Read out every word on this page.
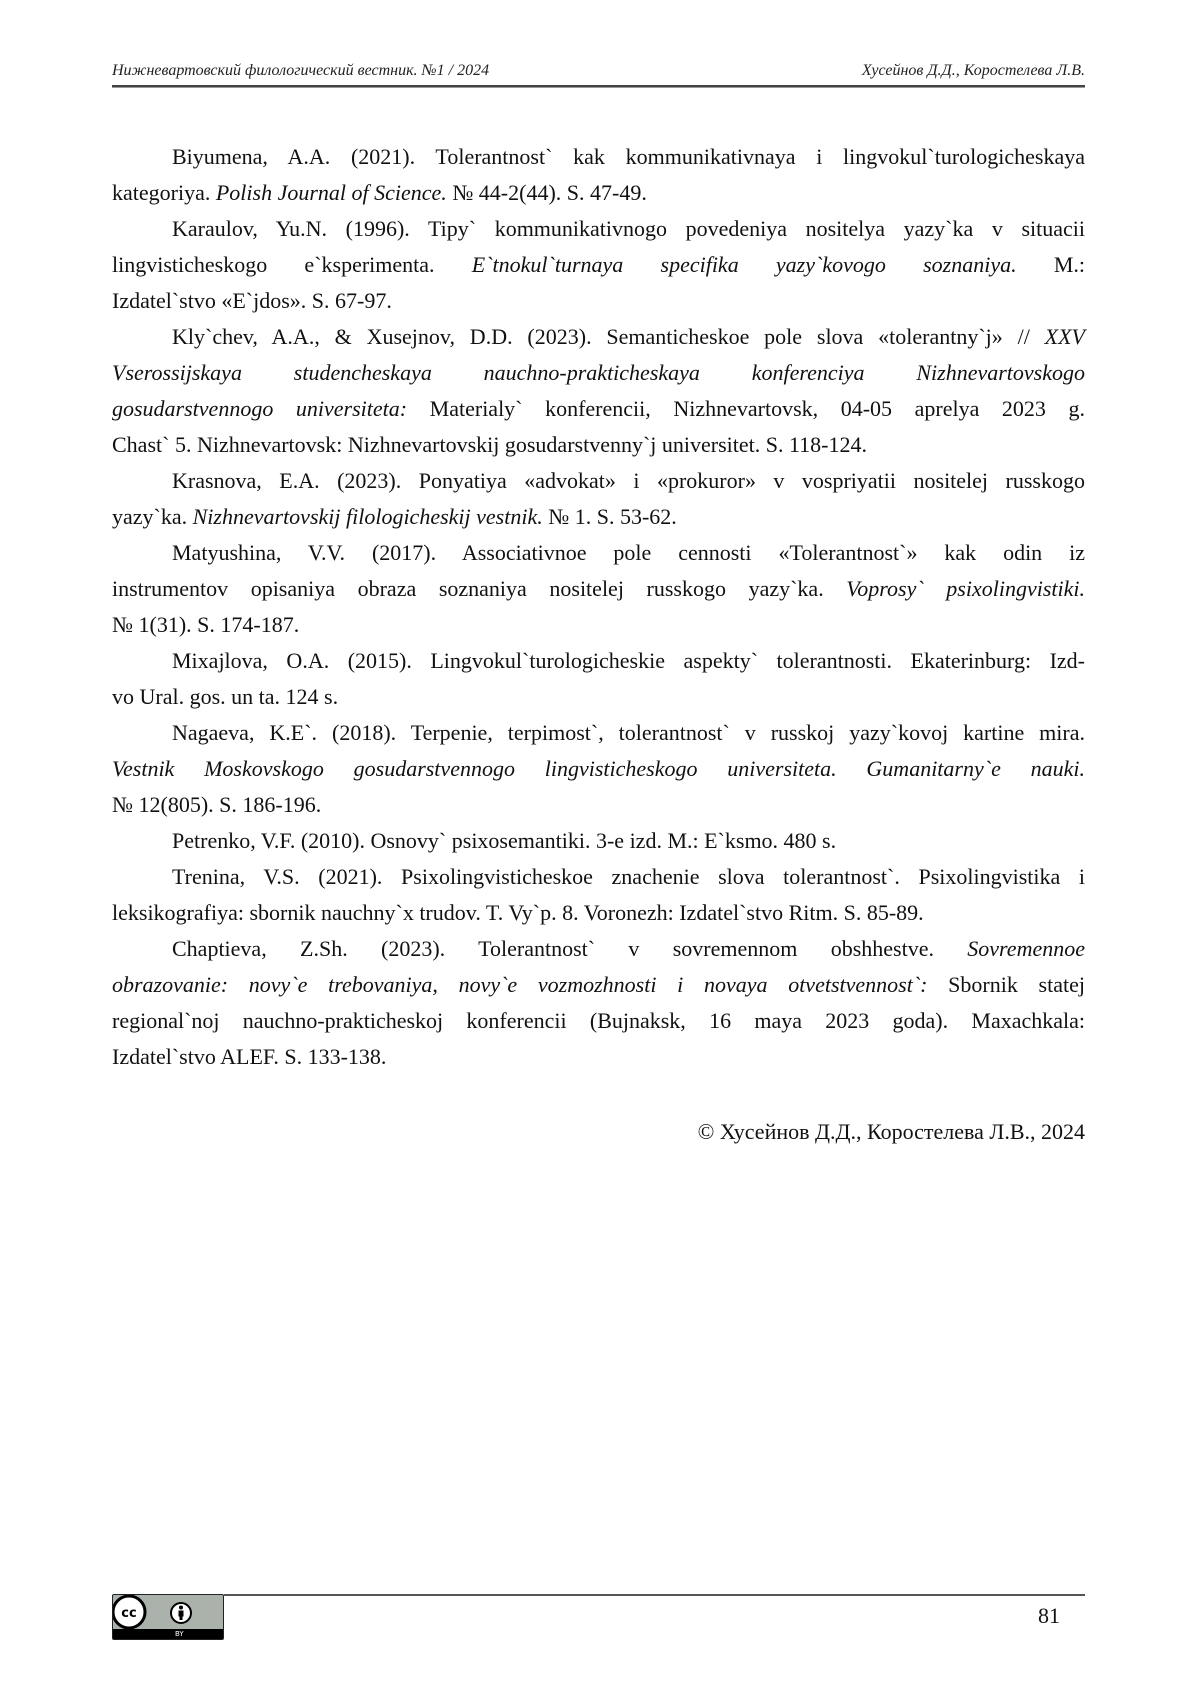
Нижневартовский филологический вестник. №1 / 2024	Хусейнов Д.Д., Коростелева Л.В.
Biyumena, A.A. (2021). Tolerantnost` kak kommunikativnaya i lingvokul`turologicheskaya
kategoriya. Polish Journal of Science. № 44-2(44). S. 47-49.
Karaulov, Yu.N. (1996). Tipy` kommunikativnogo povedeniya nositelya yazy`ka v situacii
lingvisticheskogo e`ksperimenta. E`tnokul`turnaya specifika yazy`kovogo soznaniya. M.:
Izdatel`stvo «E`jdos». S. 67-97.
Kly`chev, A.A., & Xusejnov, D.D. (2023). Semanticheskoe pole slova «tolerantny`j» // XXV
Vserossijskaya studencheskaya nauchno-prakticheskaya konferenciya Nizhnevartovskogo
gosudarstvennogo universiteta: Materialy` konferencii, Nizhnevartovsk, 04-05 aprelya 2023 g.
Chast` 5. Nizhnevartovsk: Nizhnevartovskij gosudarstvenny`j universitet. S. 118-124.
Krasnova, E.A. (2023). Ponyatiya «advokat» i «prokuror» v vospriyatii nositelej russkogo
yazy`ka. Nizhnevartovskij filologicheskij vestnik. № 1. S. 53-62.
Matyushina, V.V. (2017). Associativnoe pole cennosti «Tolerantnost`» kak odin iz
instrumentov opisaniya obraza soznaniya nositelej russkogo yazy`ka. Voprosy` psixolingvistiki.
№ 1(31). S. 174-187.
Mixajlova, O.A. (2015). Lingvokul`turologicheskie aspekty` tolerantnosti. Ekaterinburg: Izd-
vo Ural. gos. un ta. 124 s.
Nagaeva, K.E`. (2018). Terpenie, terpimost`, tolerantnost` v russkoj yazy`kovoj kartine mira.
Vestnik Moskovskogo gosudarstvennogo lingvisticheskogo universiteta. Gumanitarny`e nauki.
№ 12(805). S. 186-196.
Petrenko, V.F. (2010). Osnovy` psixosemantiki. 3-e izd. M.: E`ksmo. 480 s.
Trenina, V.S. (2021). Psixolingvisticheskoe znachenie slova tolerantnost`. Psixolingvistika i
leksikografiya: sbornik nauchny`x trudov. T. Vy`p. 8. Voronezh: Izdatel`stvo Ritm. S. 85-89.
Chaptieva, Z.Sh. (2023). Tolerantnost` v sovremennom obshhestve. Sovremennoe
obrazovanie: novy`e trebovaniya, novy`e vozmozhnosti i novaya otvetstvennost`: Sbornik statej
regional`noj nauchno-prakticheskoj konferencii (Bujnaksk, 16 maya 2023 goda). Maxachkala:
Izdatel`stvo ALEF. S. 133-138.
© Хусейнов Д.Д., Коростелева Л.В., 2024
cc
BY
81
